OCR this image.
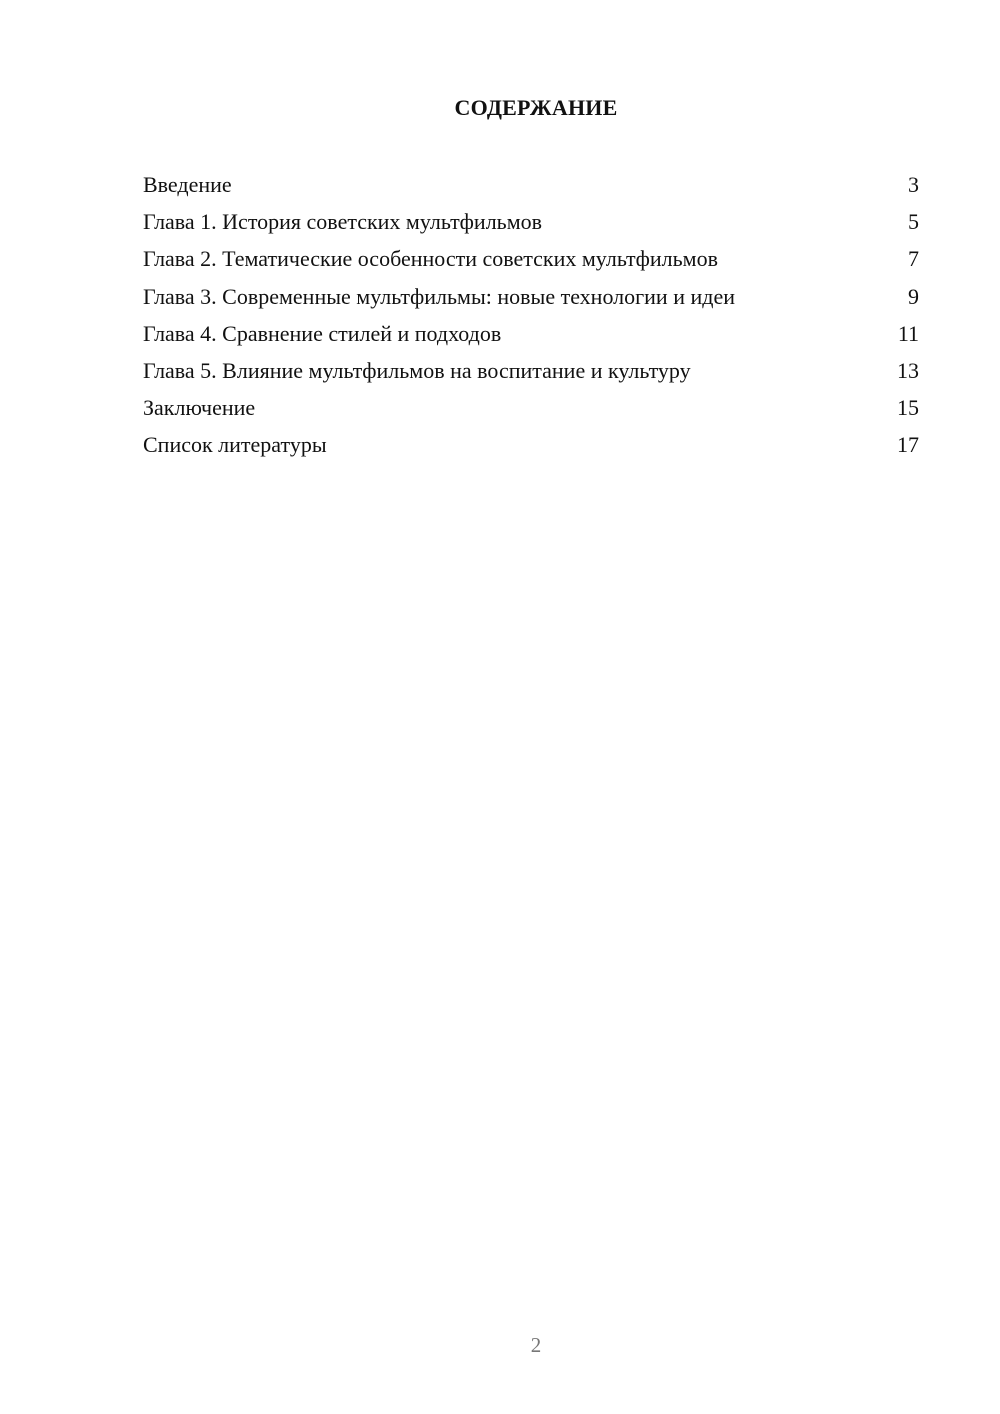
СОДЕРЖАНИЕ
Введение	3
Глава 1. История советских мультфильмов	5
Глава 2. Тематические особенности советских мультфильмов	7
Глава 3. Современные мультфильмы: новые технологии и идеи	9
Глава 4. Сравнение стилей и подходов	11
Глава 5. Влияние мультфильмов на воспитание и культуру	13
Заключение	15
Список литературы	17
2
